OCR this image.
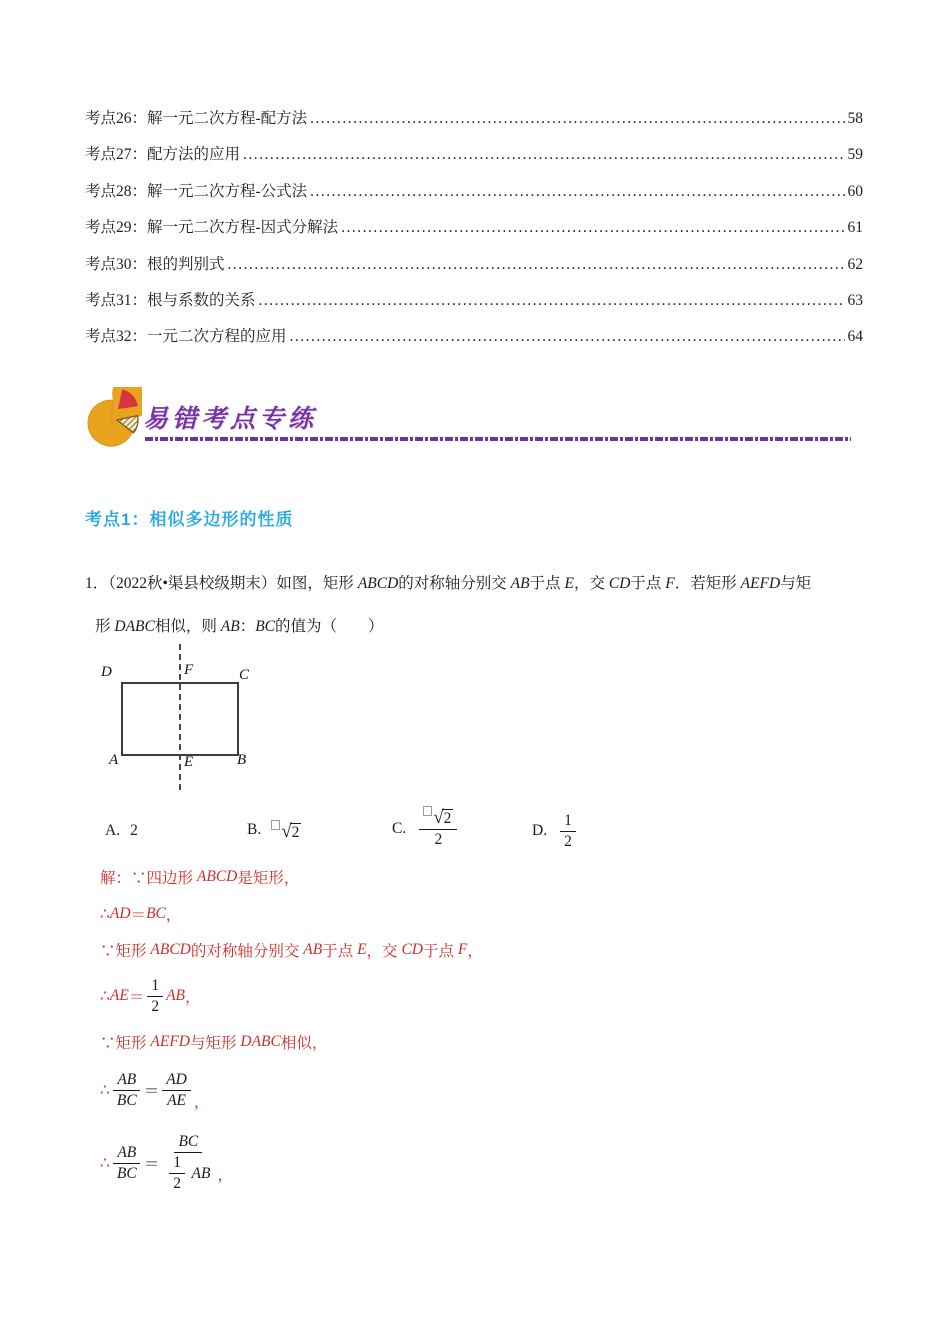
考点26：解一元二次方程-配方法 .....	58
考点27：配方法的应用 .....	59
考点28：解一元二次方程-公式法 .....	60
考点29：解一元二次方程-因式分解法 .....	61
考点30：根的判别式 .....	62
考点31：根与系数的关系 .....	63
考点32：一元二次方程的应用 .....	64
易错考点专练
考点1：相似多边形的性质
1．（2022秋•渠县校级期末）如图，矩形 ABCD的对称轴分别交 AB于点 E，交 CD于点 F．若矩形 AEFD与矩
形 DABC相似，则 AB：BC的值为（　　）
D	F	C
A	E	B
A. 2	B. √ 2	C. $\frac{√ 2}{2}$	D. $\frac{1}{2}$
解：∵四边形 ABCD 是矩形，
∴ AD ＝ BC ，
∵矩形 ABCD 的对称轴分别交 AB 于点 E ，交 CD 于点 F ，
∴ AE ＝ $\frac{1}{2}$ AB ，
∵矩形 AEFD 与矩形 DABC 相似，
∴ $\frac{AB}{BC} = \frac{AD}{AE}$ ，
∴ $\frac{AB}{BC} = \frac{BC}{\frac{1}{2} AB}$ ，
